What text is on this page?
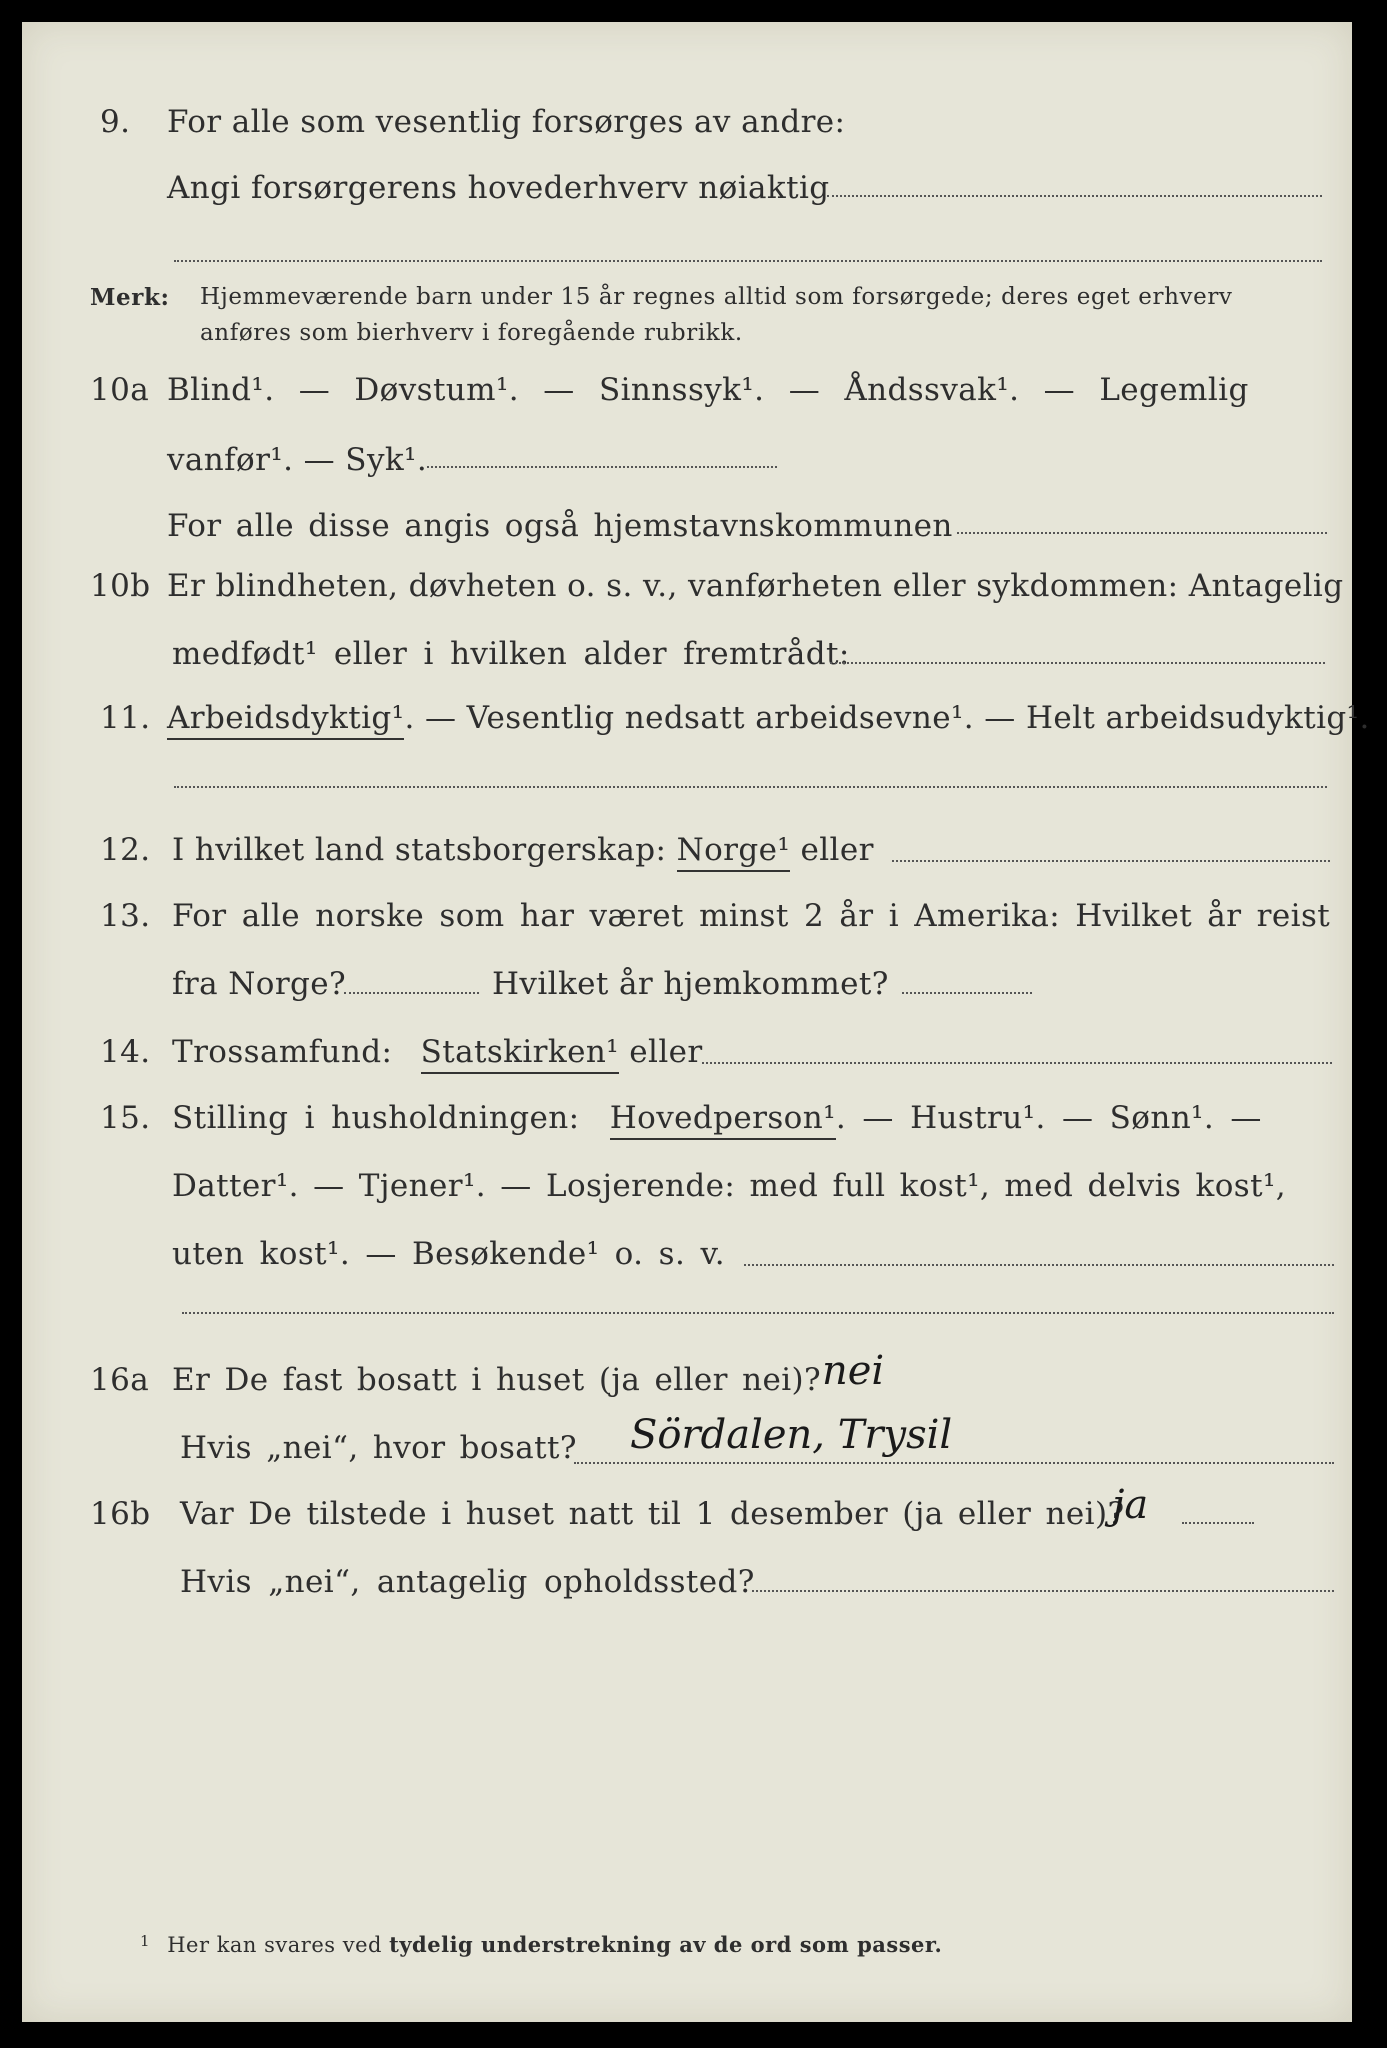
9. For alle som vesentlig forsørges av andre:
Angi forsørgerens hovederhverv nøiaktig
Merk: Hjemmeværende barn under 15 år regnes alltid som forsørgede; deres eget erhverv
anføres som bierhverv i foregående rubrikk.
10a Blind¹. — Døvstum¹. — Sinnssyk¹. — Åndssvak¹. — Legemlig
vanfør¹. — Syk¹.
For alle disse angis også hjemstavnskommunen
10b Er blindheten, døvheten o. s. v., vanførheten eller sykdommen: Antagelig
medfødt¹ eller i hvilken alder fremtrådt:
11. Arbeidsdyktig¹. — Vesentlig nedsatt arbeidsevne¹. — Helt arbeidsudyktig¹.
12. I hvilket land statsborgerskap: Norge¹ eller
13. For alle norske som har været minst 2 år i Amerika: Hvilket år reist
fra Norge?	Hvilket år hjemkommet?
14. Trossamfund: Statskirken¹ eller
15. Stilling i husholdningen: Hovedperson¹. — Hustru¹. — Sønn¹. —
Datter¹. — Tjener¹. — Losjerende: med full kost¹, med delvis kost¹,
uten kost¹. — Besøkende¹ o. s. v.
16a Er De fast bosatt i huset (ja eller nei)? nei
Hvis „nei“, hvor bosatt? Sördalen, Trysil
16b Var De tilstede i huset natt til 1 desember (ja eller nei)?
ja
Hvis „nei“, antagelig opholdssted?
$^1$ Her kan svares ved tydelig understrekning av de ord som passer.
